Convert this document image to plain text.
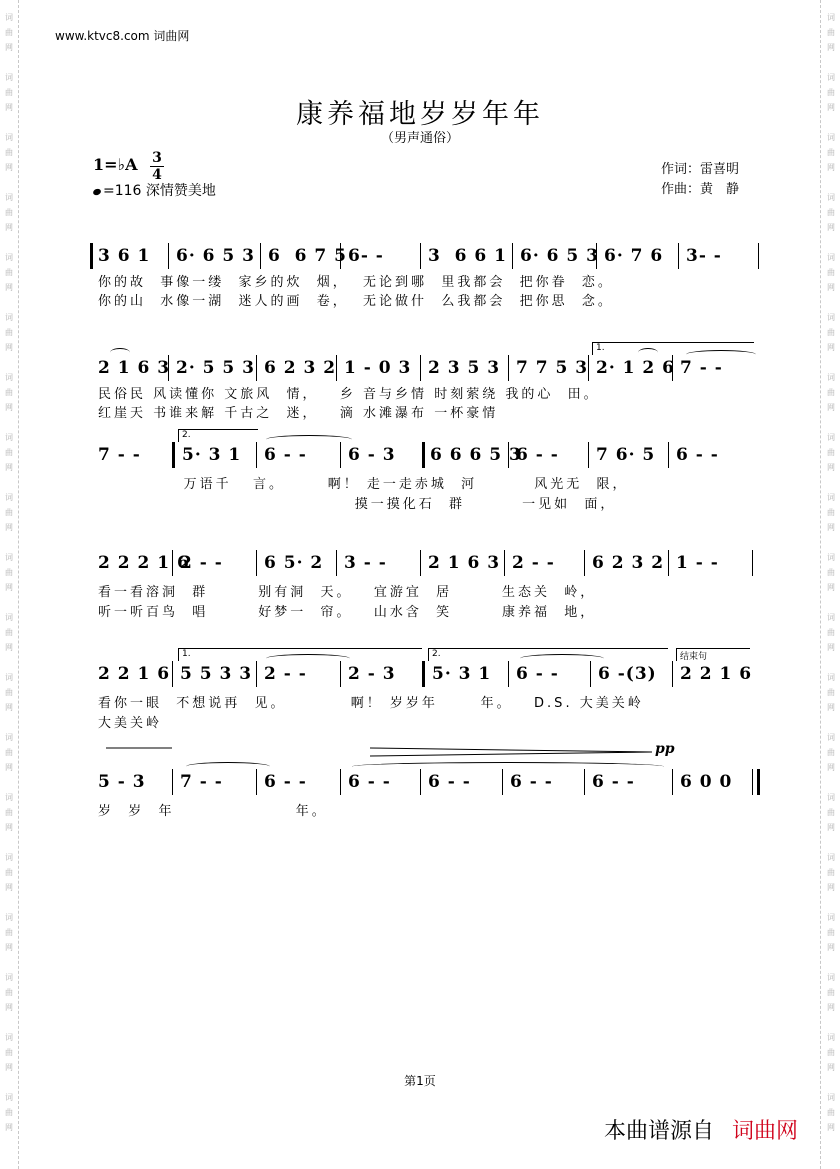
词
曲
网
词
曲
网
词
曲
网
词
曲
网
词
曲
网
词
曲
网
词
曲
网
词
曲
网
词
曲
网
词
曲
网
词
曲
网
词
曲
网
词
曲
网
词
曲
网
词
曲
网
词
曲
网
词
曲
网
词
曲
网
词
曲
网
词
曲
网
词
曲
网
词
曲
网
词
曲
网
词
曲
网
词
曲
网
词
曲
网
词
曲
网
词
曲
网
词
曲
网
词
曲
网
词
曲
网
词
曲
网
词
曲
网
词
曲
网
词
曲
网
词
曲
网
词
曲
网
词
曲
网
www.ktvc8.com 词曲网
康养福地岁岁年年
（男声通俗）
1=♭A 3
4
=116 深情赞美地
作词：雷喜明
作曲：黄　静
3 6 1 6· 6 5 3 6  6 7 5 6- -	3  6 6 1 6· 6 5 3 6· 7 6 3- -
你的故  事像一缕  家乡的炊  烟，  无论到哪  里我都会  把你眷  恋。
你的山  水像一湖  迷人的画  卷，  无论做什  么我都会  把你思  念。
2 1 6 3 2· 5 5 3 6 2 3 2 1 - 0 3 2 3 5 3 7 7 5 3
1.
2· 1 2 6 7 - -
民俗民 风读懂你 文旅风  情，   乡 音与乡情 时刻萦绕 我的心  田。
红崖天 书谁来解 千古之  迷，   滴 水滩瀑布 一杯豪情
7 - -
2.
5· 3 1 6 - - 6 - 3 6 6 6 5 3
6 - - 7 6· 5 6 - -
万语千   言。      啊！ 走一走赤城  河        风光无  限，
摸一摸化石  群        一见如  面，
2 2 2 1 6
2 - - 6 5· 2 3 - - 2 1 6 3 2 - - 6 2 3 2 1 - -
看一看溶洞  群       别有洞  天。   宜游宜  居       生态关  岭，
听一听百鸟  唱       好梦一  帘。   山水含  笑       康养福  地，
2 2 1 6
1.
5 5 3 3 2 - - 2 - 3
2.
5· 3 1 6 - - 6 -(3)
结束句
2 2 1 6
看你一眼  不想说再  见。         啊！ 岁岁年      年。   D.S. 大美关岭
大美关岭
5 - 3 7 - - 6 - - 6 - - 6 - - 6 - - 6 - -	6 0 0
岁  岁  年                 年。
pp
第1页
本曲谱源自 词曲网
